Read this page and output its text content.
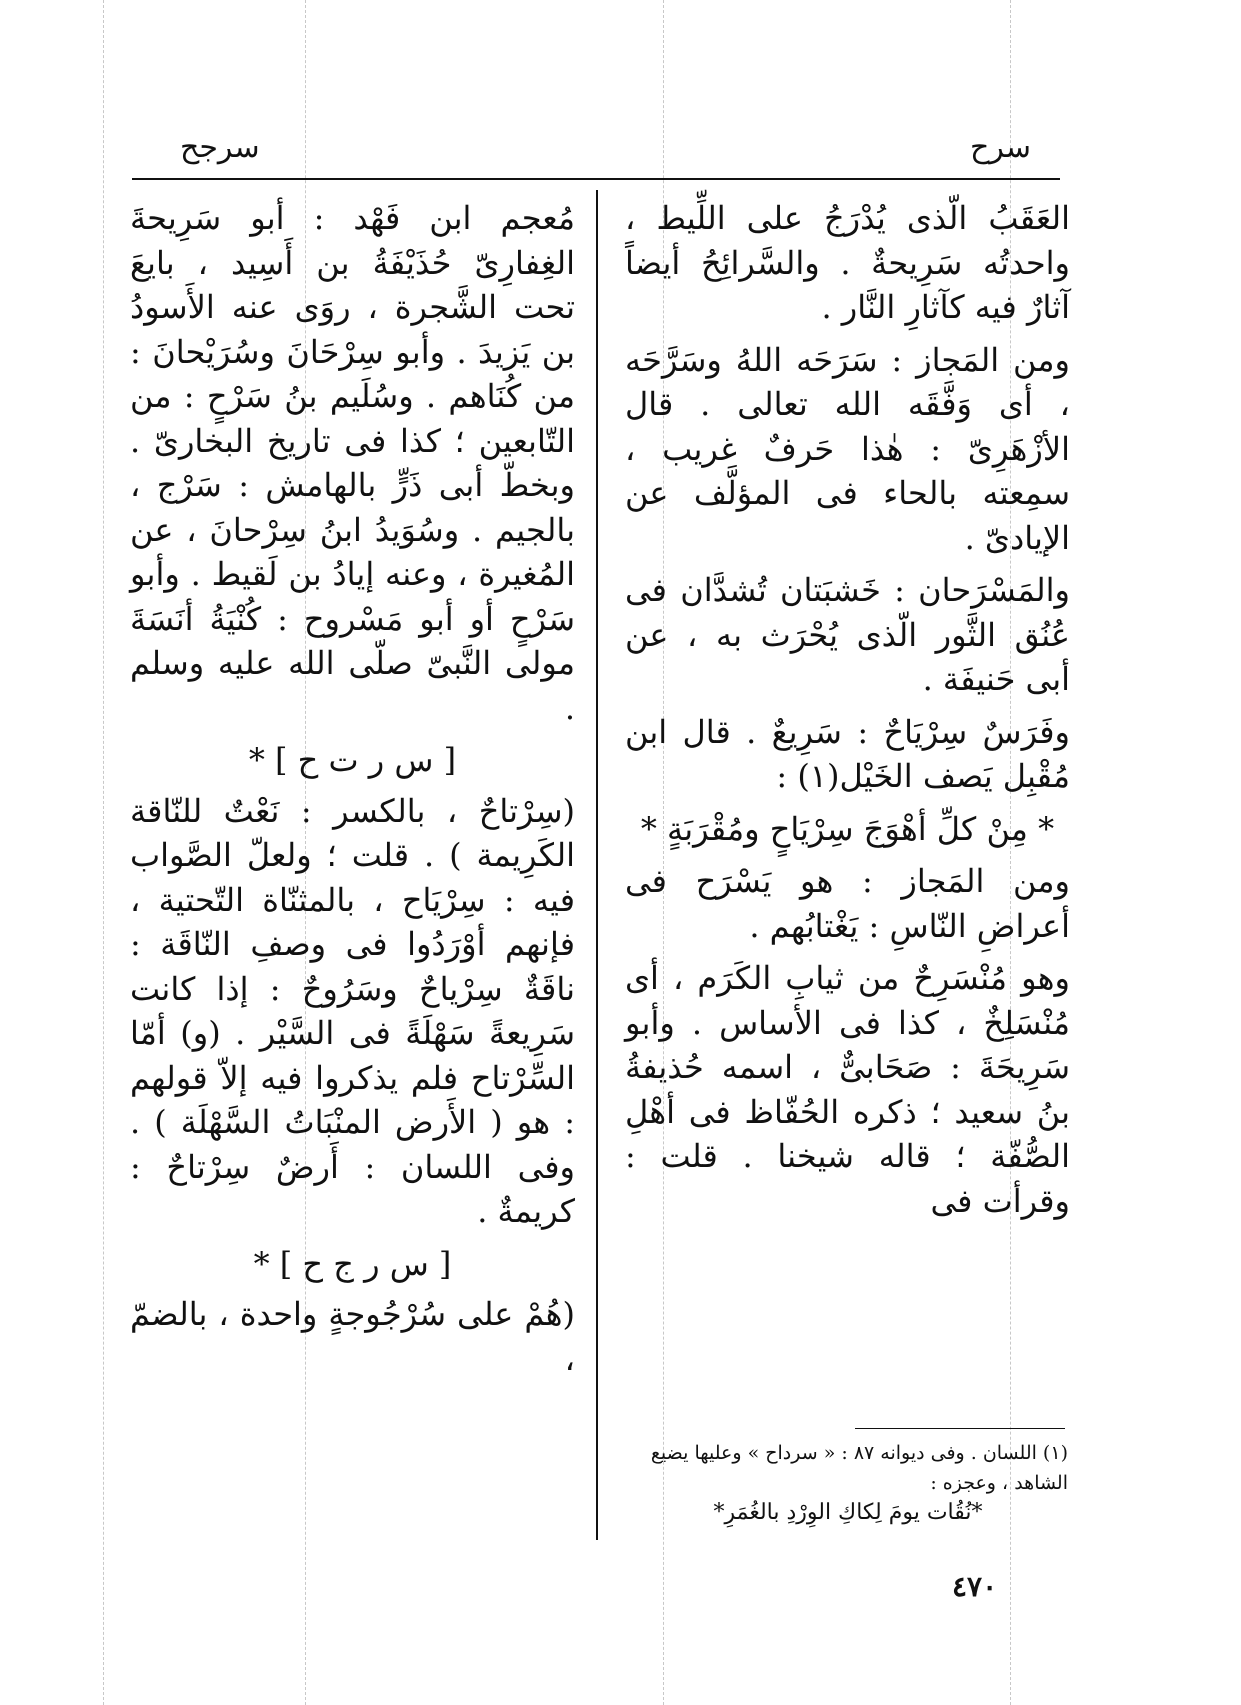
سرح
سرجح

العَقَبُ الّذى يُدْرَجُ على اللِّيط ، واحدتُه سَرِيحةٌ . والسَّرائِحُ أيضاً آثارٌ فيه كآثارِ النَّار .

ومن المَجاز : سَرَحَه اللهُ وسَرَّحَه ، أى وَفَّقَه الله تعالى . قال الأزْهَرِىّ : هٰذا حَرفٌ غريب ، سمِعته بالحاء فى المؤلَّف عن الإيادىّ .

والمَسْرَحان : خَشبَتان تُشدَّان فى عُنُق الثَّور الّذى يُحْرَث به ، عن أبى حَنيفَة .

وفَرَسٌ سِرْيَاحٌ : سَرِيعٌ . قال ابن مُقْبِل يَصف الخَيْل(١) :

* مِنْ كلِّ أهْوَجَ سِرْيَاحٍ ومُقْرَبَةٍ *

ومن المَجاز : هو يَسْرَح فى أعراضِ النّاسِ : يَغْتابُهم .

وهو مُنْسَرِحٌ من ثيابِ الكَرَم ، أى مُنْسَلِخٌ ، كذا فى الأساس . وأبو سَرِيحَةَ : صَحَابىٌّ ، اسمه حُذيفةُ بنُ سعيد ؛ ذكره الحُفّاظ فى أهْلِ الصُّفّة ؛ قاله شيخنا . قلت : وقرأت فى

(١) اللسان . وفى ديوانه ٨٧ : « سرداح » وعليها يضيع

الشاهد ، وعجزه :

*نُقُات يومَ لِكاكِ الوِرْدِ بالغُمَرِ*

مُعجم ابن فَهْد : أبو سَرِيحةَ الغِفارِىّ حُذَيْفَةُ بن أَسِيد ، بايعَ تحت الشَّجرة ، روَى عنه الأَسودُ بن يَزيدَ . وأبو سِرْحَانَ وسُرَيْحانَ : من كُنَاهم . وسُلَيم بنُ سَرْحٍ : من التّابعين ؛ كذا فى تاريخ البخارىّ . وبخطّ أبى ذَرٍّ بالهامش : سَرْج ، بالجيم . وسُوَيدُ ابنُ سِرْحانَ ، عن المُغيرة ، وعنه إيادُ بن لَقيط . وأبو سَرْحٍ أو أبو مَسْروح : كُنْيَةُ أنَسَةَ مولى النَّبىّ صلّى الله عليه وسلم .

[ س ر ت ح ] *

(سِرْتاحٌ ، بالكسر : نَعْتٌ للنّاقة الكَرِيمة ) . قلت ؛ ولعلّ الصَّواب فيه : سِرْيَاح ، بالمثنّاة التّحتية ، فإنهم أوْرَدُوا فى وصفِ النّاقَة : ناقَةٌ سِرْياحٌ وسَرُوحٌ : إذا كانت سَرِيعةً سَهْلَةً فى السَّيْر . (و) أمّا السِّرْتاح فلم يذكروا فيه إلاّ قولهم : هو ( الأَرض المنْبَاتُ السَّهْلَة ) . وفى اللسان : أَرضٌ سِرْتاحٌ : كريمةٌ .

[ س ر ج ح ] *

(هُمْ على سُرْجُوجةٍ واحدة ، بالضمّ ،

٤٧٠
